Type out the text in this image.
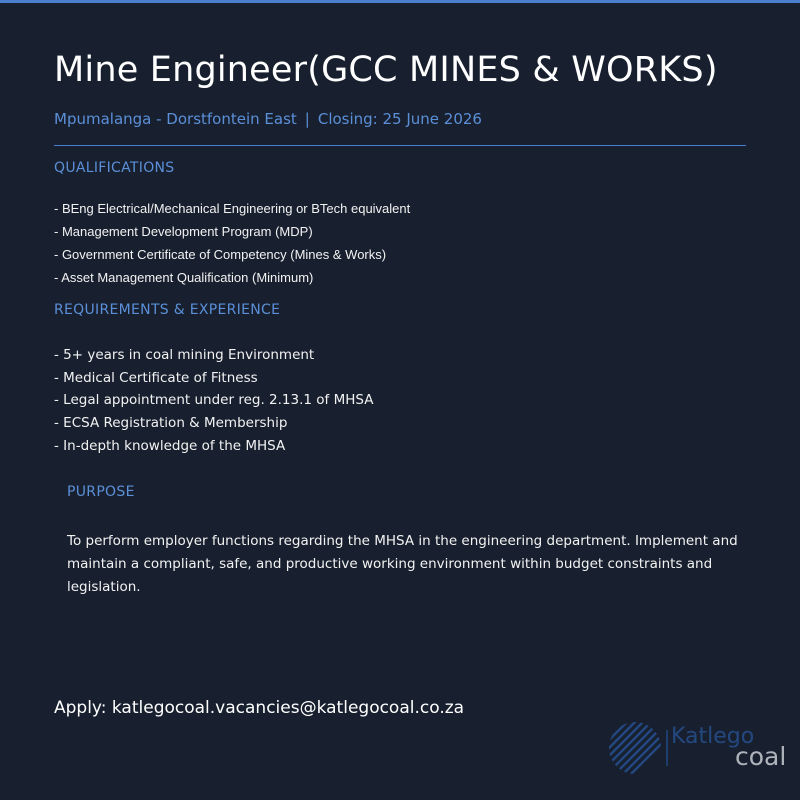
Mine Engineer(GCC MINES & WORKS)
Mpumalanga - Dorstfontein East | Closing: 25 June 2026
QUALIFICATIONS
- BEng Electrical/Mechanical Engineering or BTech equivalent
- Management Development Program (MDP)
- Government Certificate of Competency (Mines & Works)
- Asset Management Qualification (Minimum)
REQUIREMENTS & EXPERIENCE
- 5+ years in coal mining Environment
- Medical Certificate of Fitness
- Legal appointment under reg. 2.13.1 of MHSA
- ECSA Registration & Membership
- In-depth knowledge of the MHSA
PURPOSE

To perform employer functions regarding the MHSA in the engineering department. Implement and maintain a compliant, safe, and productive working environment within budget constraints and legislation.

Apply: katlegocoal.vacancies@katlegocoal.co.za
Katlego
coal
